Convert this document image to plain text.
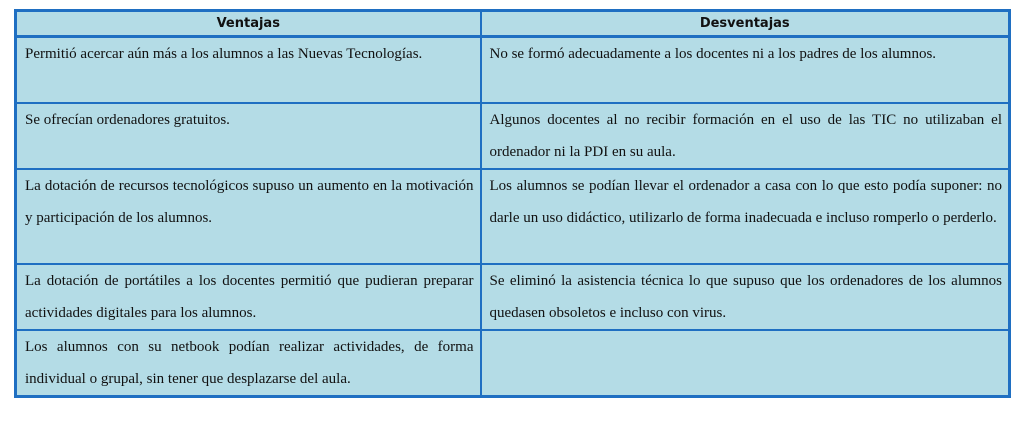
Ventajas	Desventajas
Permitió acercar aún más a los alumnos a las Nuevas Tecnologías.	No se formó adecuadamente a los docentes ni a los padres de los alumnos.
Se ofrecían ordenadores gratuitos.	Algunos docentes al no recibir formación en el uso de las TIC no utilizaban el ordenador ni la PDI en su aula.
La dotación de recursos tecnológicos supuso un aumento en la motivación y participación de los alumnos.	Los alumnos se podían llevar el ordenador a casa con lo que esto podía suponer: no darle un uso didáctico, utilizarlo de forma inadecuada e incluso romperlo o perderlo.
La dotación de portátiles a los docentes permitió que pudieran preparar actividades digitales para los alumnos.	Se eliminó la asistencia técnica lo que supuso que los ordenadores de los alumnos quedasen obsoletos e incluso con virus.
Los alumnos con su netbook podían realizar actividades, de forma individual o grupal, sin tener que desplazarse del aula.	
